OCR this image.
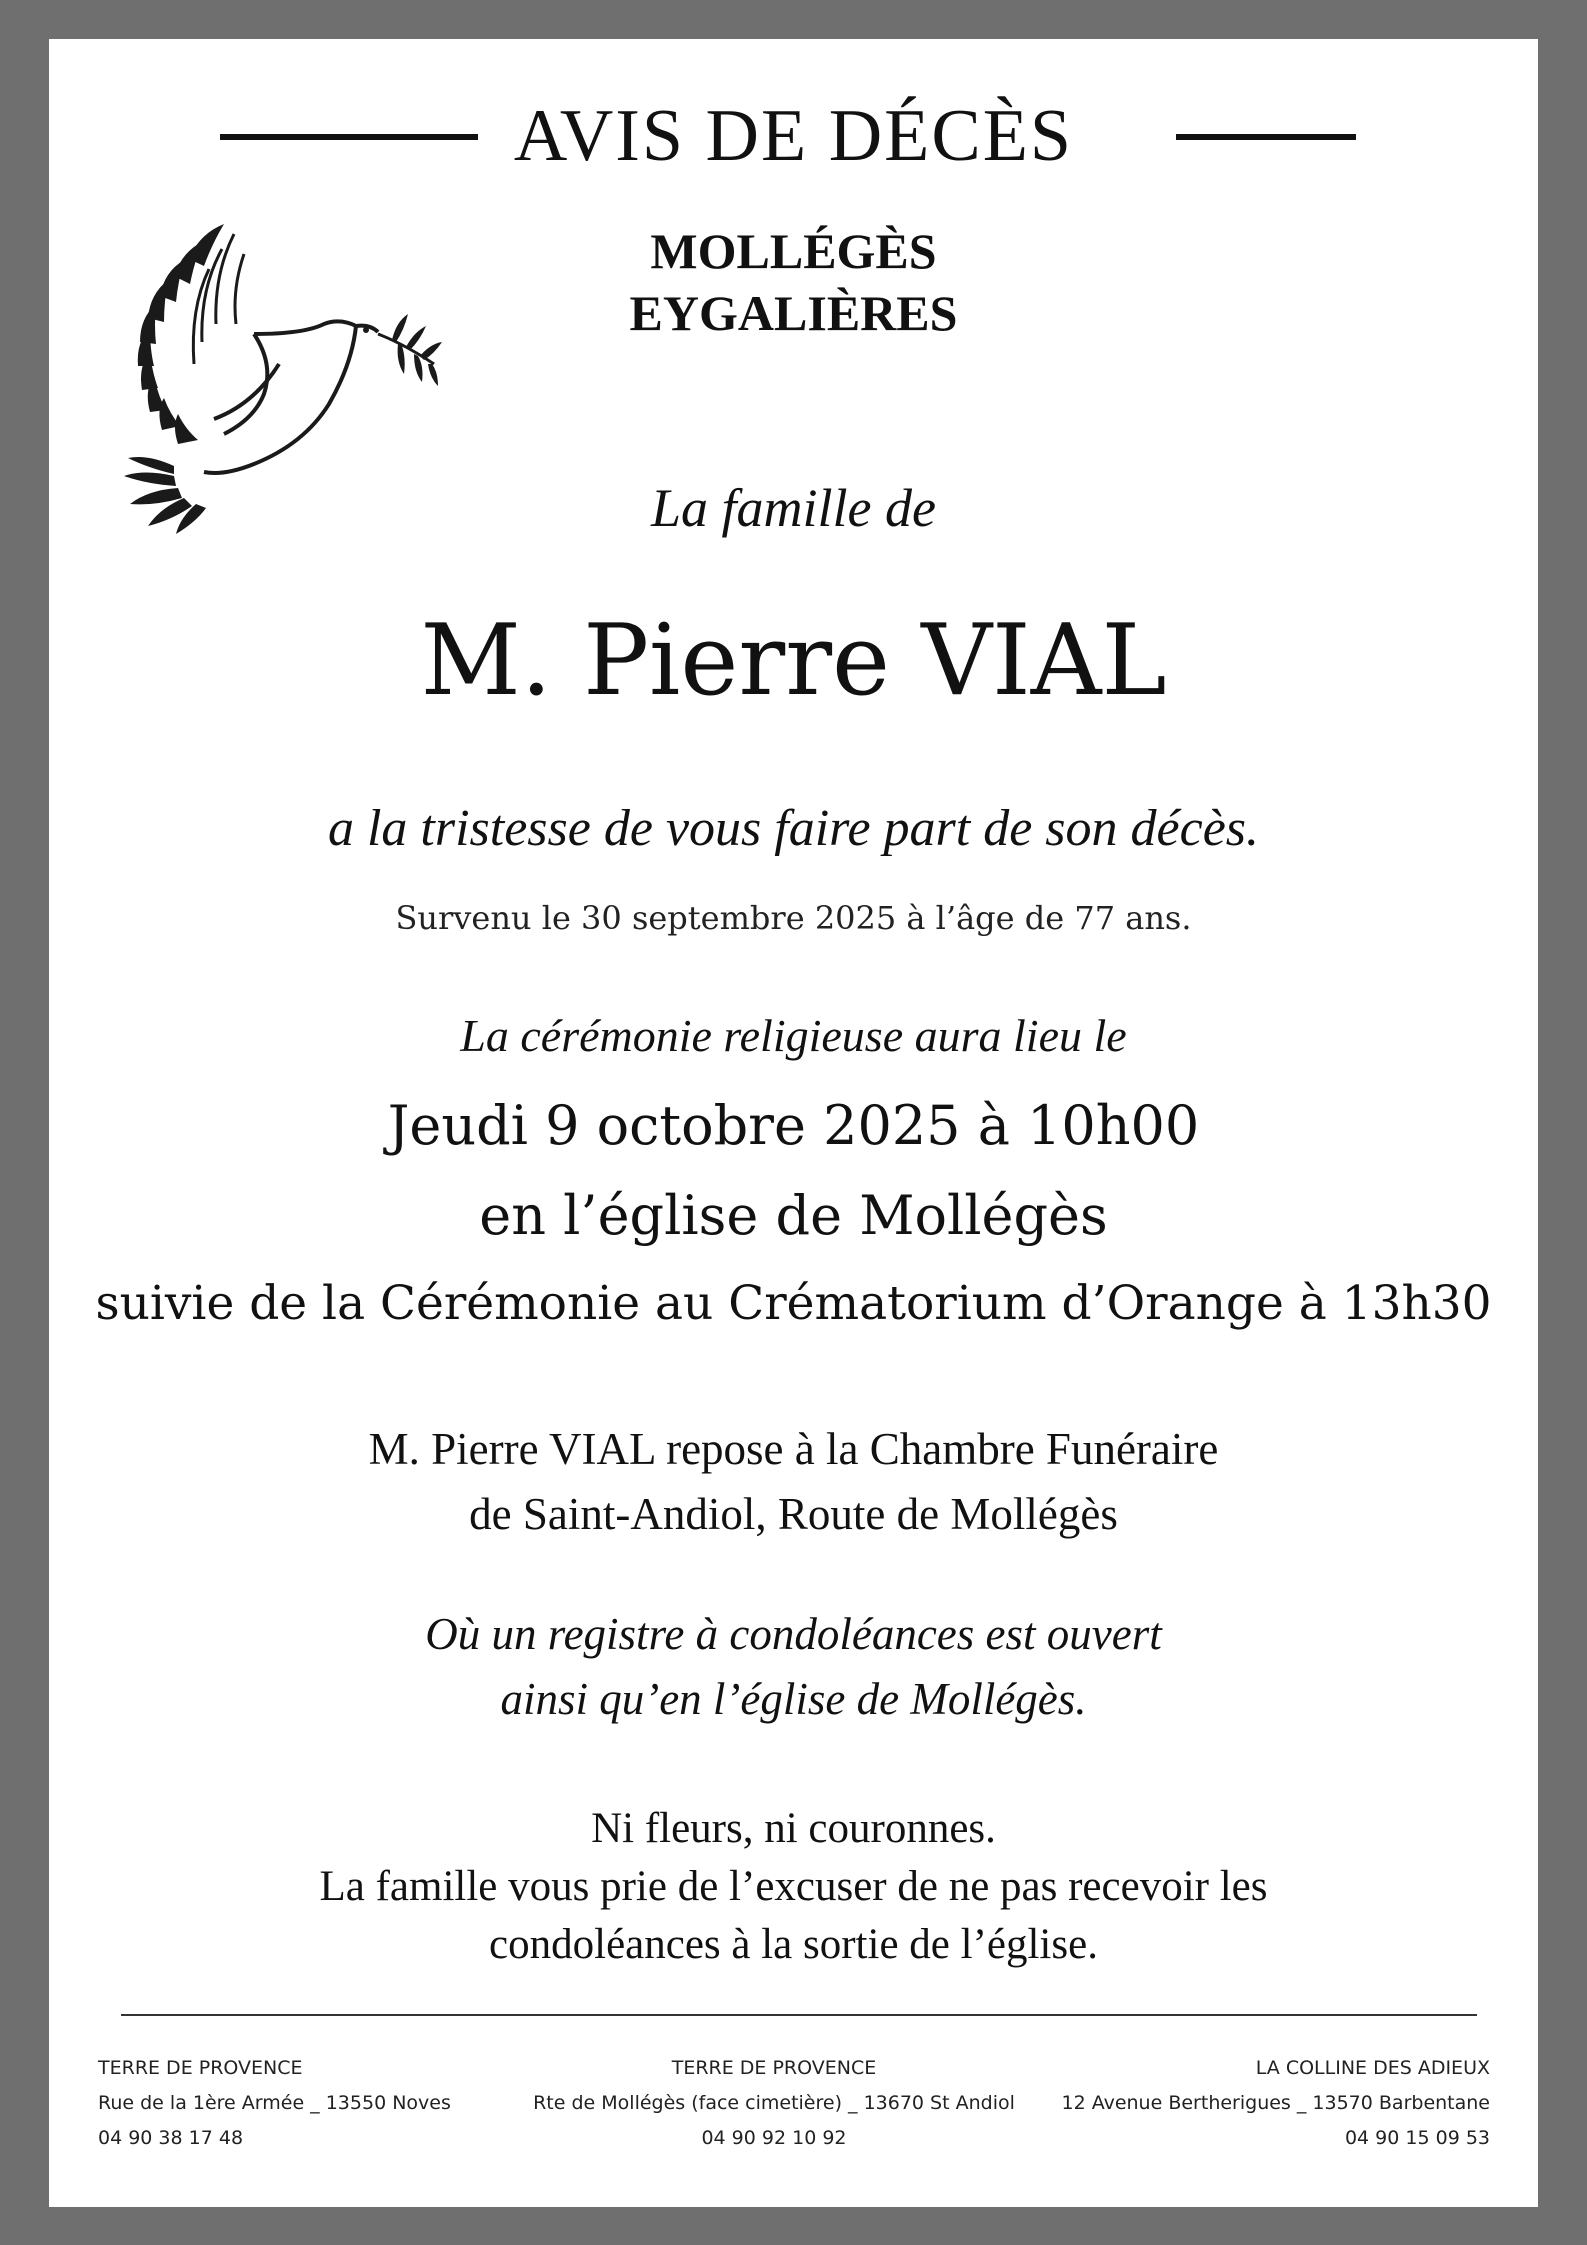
AVIS DE DÉCÈS
MOLLÉGÈS
EYGALIÈRES
La famille de
M. Pierre VIAL
a la tristesse de vous faire part de son décès.
Survenu le 30 septembre 2025 à l’âge de 77 ans.
La cérémonie religieuse aura lieu le
Jeudi 9 octobre 2025 à 10h00
en l’église de Mollégès
suivie de la Cérémonie au Crématorium d’Orange à 13h30
M. Pierre VIAL repose à la Chambre Funéraire
de Saint-Andiol, Route de Mollégès
Où un registre à condoléances est ouvert
ainsi qu’en l’église de Mollégès.
Ni fleurs, ni couronnes.
La famille vous prie de l’excuser de ne pas recevoir les
condoléances à la sortie de l’église.
TERRE DE PROVENCE
Rue de la 1ère Armée _ 13550 Noves
04 90 38 17 48
TERRE DE PROVENCE
Rte de Mollégès (face cimetière) _ 13670 St Andiol
04 90 92 10 92
LA COLLINE DES ADIEUX
12 Avenue Bertherigues _ 13570 Barbentane
04 90 15 09 53
